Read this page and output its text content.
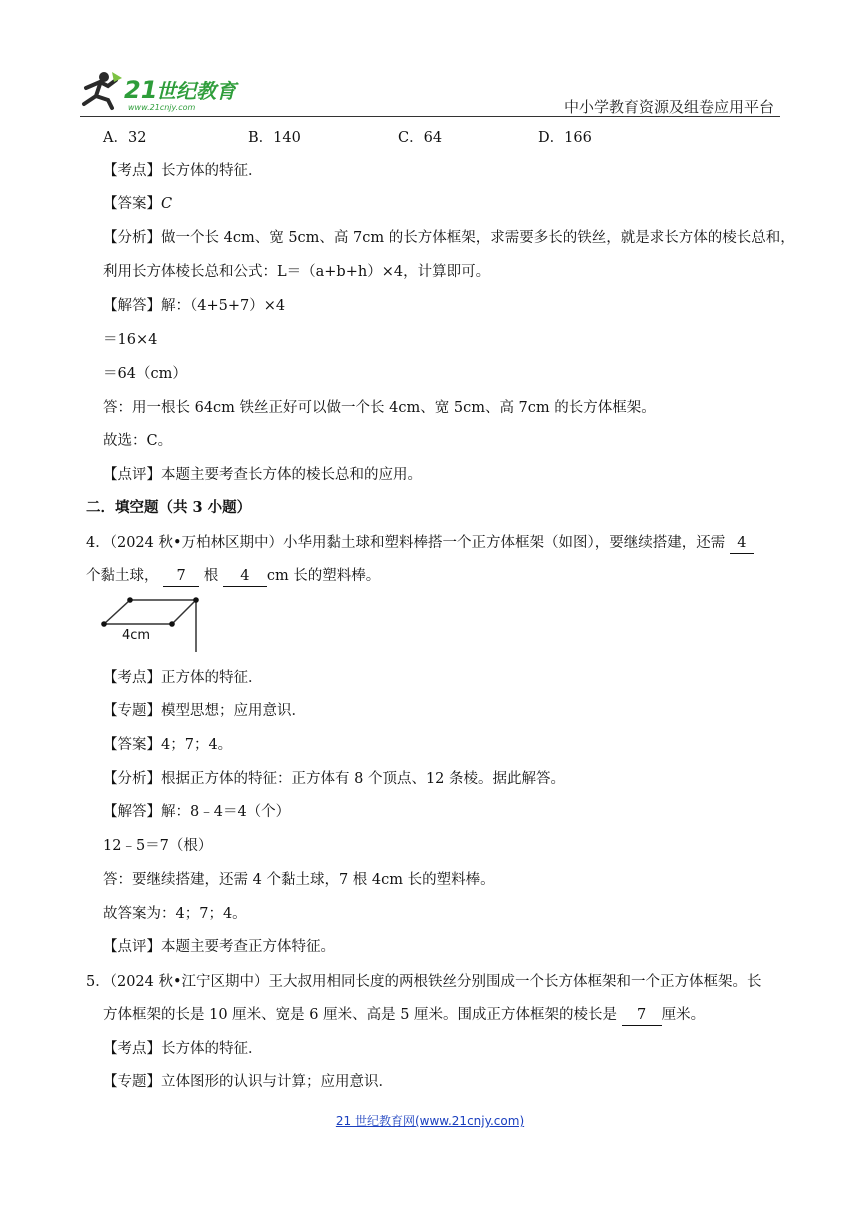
21
世纪教育
www.21cnjy.com	中小学教育资源及组卷应用平台
A．32	B．140	C．64	D．166
【考点】长方体的特征．
【答案】C
【分析】做一个长 4cm、宽 5cm、高 7cm 的长方体框架，求需要多长的铁丝，就是求长方体的棱长总和，
利用长方体棱长总和公式：L＝（a+b+h）×4，计算即可。
【解答】解：（4+5+7）×4
＝16×4
＝64（cm）
答：用一根长 64cm 铁丝正好可以做一个长 4cm、宽 5cm、高 7cm 的长方体框架。
故选：C。
【点评】本题主要考查长方体的棱长总和的应用。
二．填空题（共 3 小题）
4．（2024 秋•万柏林区期中）小华用黏土球和塑料棒搭一个正方体框架（如图），要继续搭建，还需 4
个黏土球， 7 根 4 cm 长的塑料棒。
4cm
【考点】正方体的特征．
【专题】模型思想；应用意识．
【答案】4；7；4。
【分析】根据正方体的特征：正方体有 8 个顶点、12 条棱。据此解答。
【解答】解：8﹣4＝4（个）
12﹣5＝7（根）
答：要继续搭建，还需 4 个黏土球，7 根 4cm 长的塑料棒。
故答案为：4；7；4。
【点评】本题主要考查正方体特征。
5．（2024 秋•江宁区期中）王大叔用相同长度的两根铁丝分别围成一个长方体框架和一个正方体框架。长
方体框架的长是 10 厘米、宽是 6 厘米、高是 5 厘米。围成正方体框架的棱长是 7 厘米。
【考点】长方体的特征．
【专题】立体图形的认识与计算；应用意识．
21 世纪教育网(www.21cnjy.com)
